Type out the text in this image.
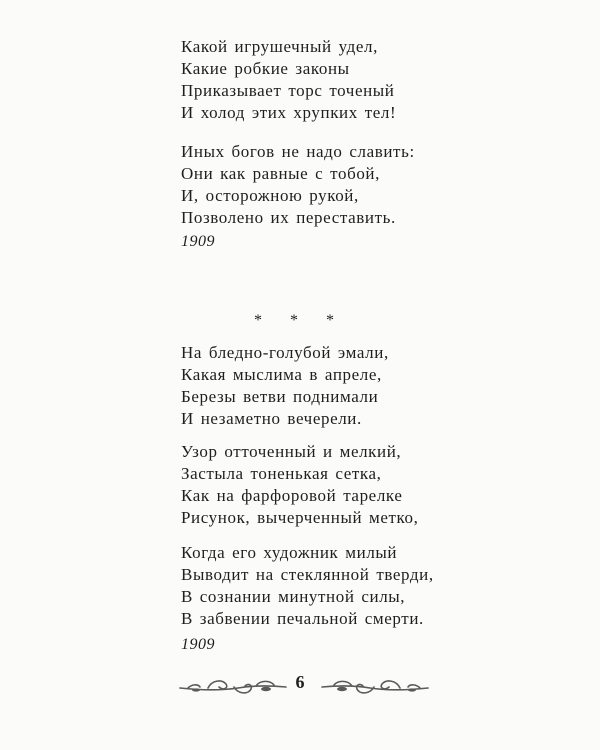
Какой игрушечный удел,
Какие робкие законы
Приказывает торс точеный
И холод этих хрупких тел!
Иных богов не надо славить:
Они как равные с тобой,
И, осторожною рукой,
Позволено их переставить.
1909
* * *
На бледно-голубой эмали,
Какая мыслима в апреле,
Березы ветви поднимали
И незаметно вечерели.
Узор отточенный и мелкий,
Застыла тоненькая сетка,
Как на фарфоровой тарелке
Рисунок, вычерченный метко,
Когда его художник милый
Выводит на стеклянной тверди,
В сознании минутной силы,
В забвении печальной смерти.
1909
6
